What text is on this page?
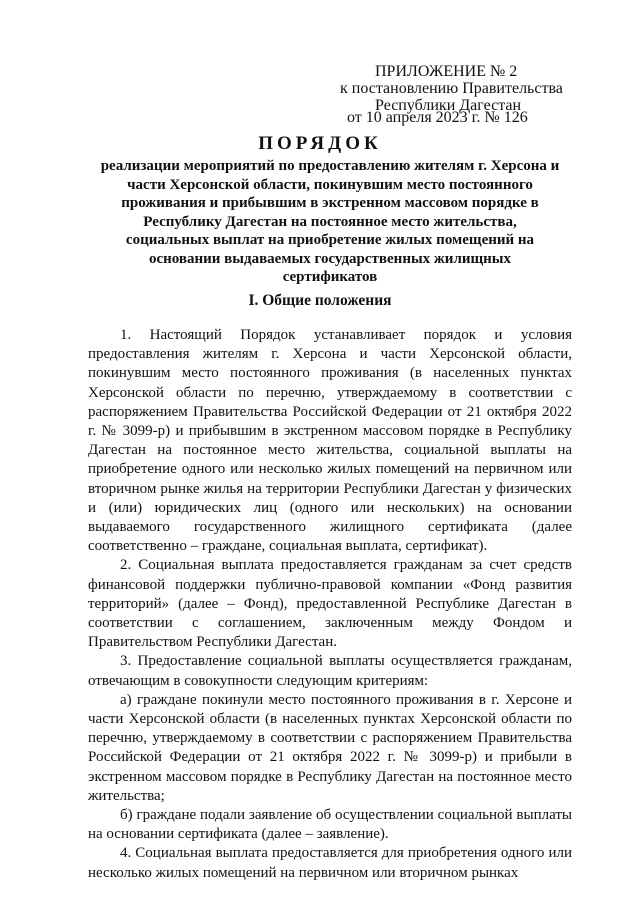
ПРИЛОЖЕНИЕ № 2
к постановлению Правительства
Республики Дагестан
от 10 апреля 2023 г. № 126
ПОРЯДОК
реализации мероприятий по предоставлению жителям г. Херсона и части Херсонской области, покинувшим место постоянного проживания и прибывшим в экстренном массовом порядке в Республику Дагестан на постоянное место жительства, социальных выплат на приобретение жилых помещений на основании выдаваемых государственных жилищных сертификатов
I. Общие положения

1. Настоящий Порядок устанавливает порядок и условия предоставления жителям г. Херсона и части Херсонской области, покинувшим место постоянного проживания (в населенных пунктах Херсонской области по перечню, утверждаемому в соответствии с распоряжением Правительства Российской Федерации от 21 октября 2022 г. № 3099-р) и прибывшим в экстренном массовом порядке в Республику Дагестан на постоянное место жительства, социальной выплаты на приобретение одного или несколько жилых помещений на первичном или вторичном рынке жилья на территории Республики Дагестан у физических и (или) юридических лиц (одного или нескольких) на основании выдаваемого государственного жилищного сертификата (далее соответственно – граждане, социальная выплата, сертификат).

2. Социальная выплата предоставляется гражданам за счет средств финансовой поддержки публично-правовой компании «Фонд развития территорий» (далее – Фонд), предоставленной Республике Дагестан в соответствии с соглашением, заключенным между Фондом и Правительством Республики Дагестан.

3. Предоставление социальной выплаты осуществляется гражданам, отвечающим в совокупности следующим критериям:

а) граждане покинули место постоянного проживания в г. Херсоне и части Херсонской области (в населенных пунктах Херсонской области по перечню, утверждаемому в соответствии с распоряжением Правительства Российской Федерации от 21 октября 2022 г. № 3099-р) и прибыли в экстренном массовом порядке в Республику Дагестан на постоянное место жительства;

б) граждане подали заявление об осуществлении социальной выплаты на основании сертификата (далее – заявление).

4. Социальная выплата предоставляется для приобретения одного или несколько жилых помещений на первичном или вторичном рынках
